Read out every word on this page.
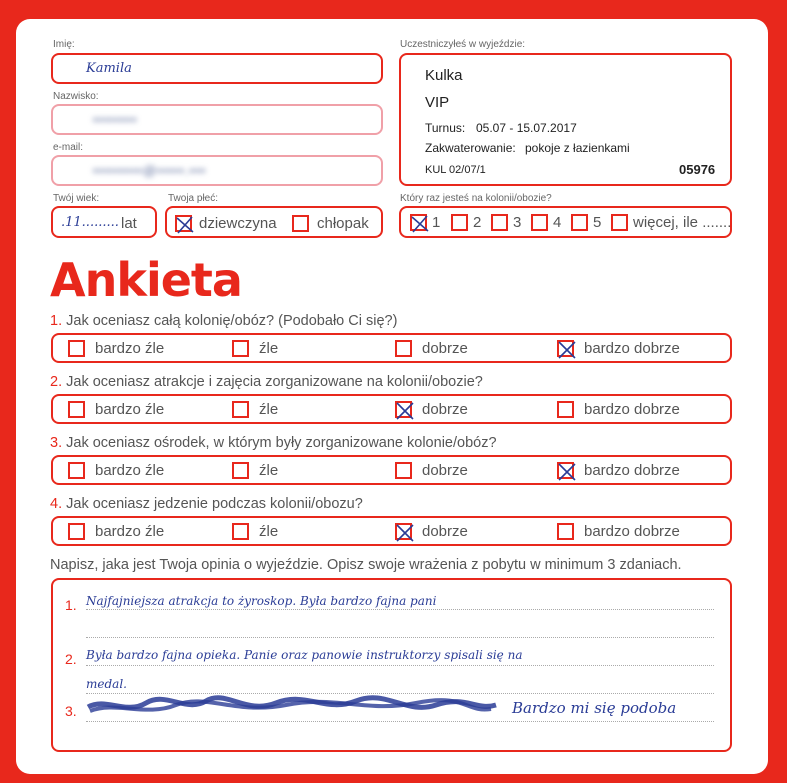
Imię:
Kamila
Nazwisko:
••••••••
e-mail:
•••••••••@•••••.•••
Twój wiek:
.11......... lat
Twoja płeć:
dziewczyna	chłopak
Uczestniczyłeś w wyjeździe:
Kulka
VIP
Turnus: 05.07 - 15.07.2017
Zakwaterowanie: pokoje z łazienkami
KUL 02/07/1	05976
Który raz jesteś na kolonii/obozie?
1 2 3 4 5 więcej, ile .......
Ankieta
1. Jak oceniasz całą kolonię/obóz? (Podobało Ci się?)
bardzo źle	źle	dobrze	bardzo dobrze
2. Jak oceniasz atrakcje i zajęcia zorganizowane na kolonii/obozie?
bardzo źle	źle	dobrze	bardzo dobrze
3. Jak oceniasz ośrodek, w którym były zorganizowane kolonie/obóz?
bardzo źle	źle	dobrze	bardzo dobrze
4. Jak oceniasz jedzenie podczas kolonii/obozu?
bardzo źle	źle	dobrze	bardzo dobrze
Napisz, jaka jest Twoja opinia o wyjeździe. Opisz swoje wrażenia z pobytu w minimum 3 zdaniach.
1. Najfajniejsza atrakcja to żyroskop. Była bardzo fajna pani
2. Była bardzo fajna opieka. Panie oraz panowie instruktorzy spisali się na
medal.
3.	Bardzo mi się podoba
